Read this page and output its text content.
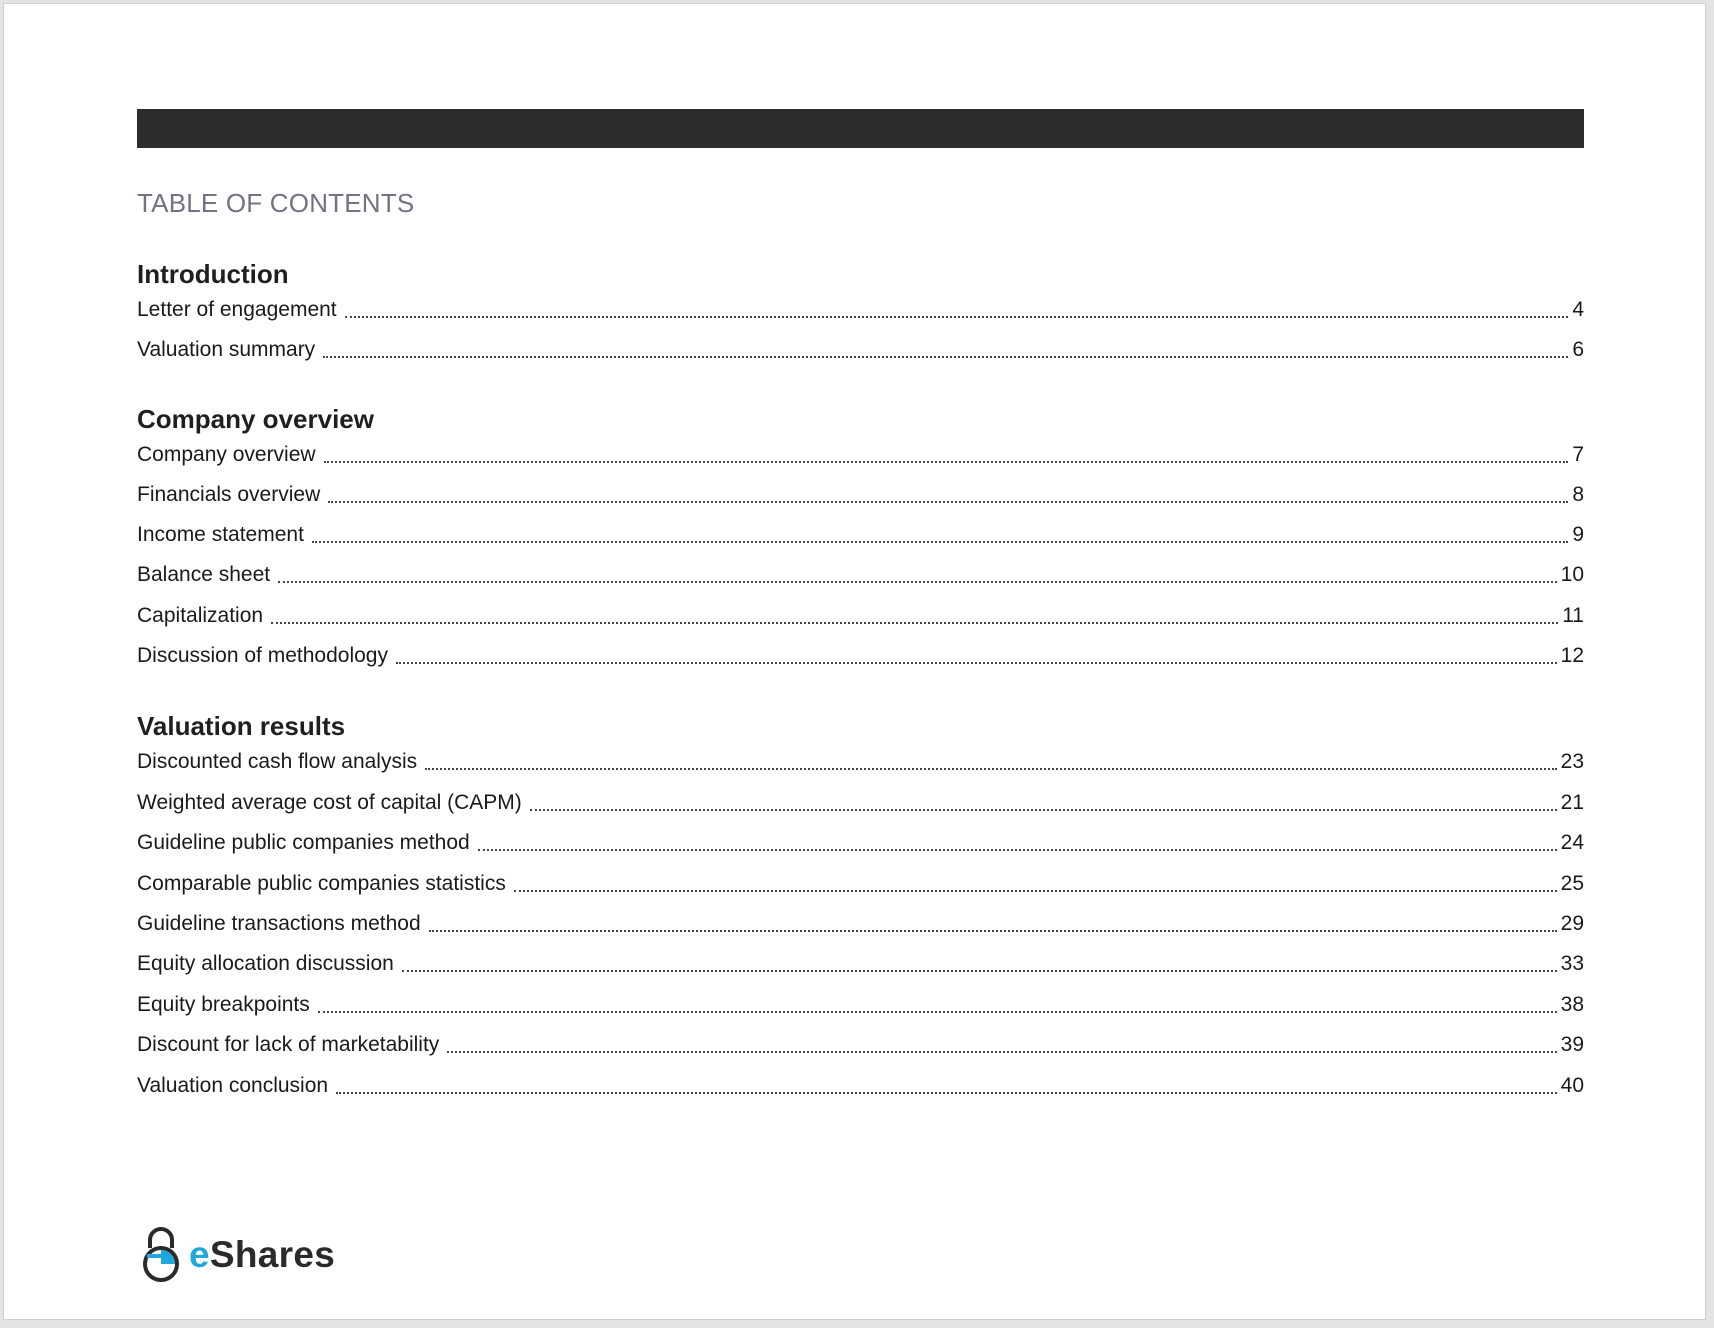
TABLE OF CONTENTS
Introduction
Letter of engagement	4
Valuation summary	6
Company overview
Company overview	7
Financials overview	8
Income statement	9
Balance sheet	10
Capitalization	11
Discussion of methodology	12
Valuation results
Discounted cash flow analysis	23
Weighted average cost of capital (CAPM)	21
Guideline public companies method	24
Comparable public companies statistics	25
Guideline transactions method	29
Equity allocation discussion	33
Equity breakpoints	38
Discount for lack of marketability	39
Valuation conclusion	40
eShares
